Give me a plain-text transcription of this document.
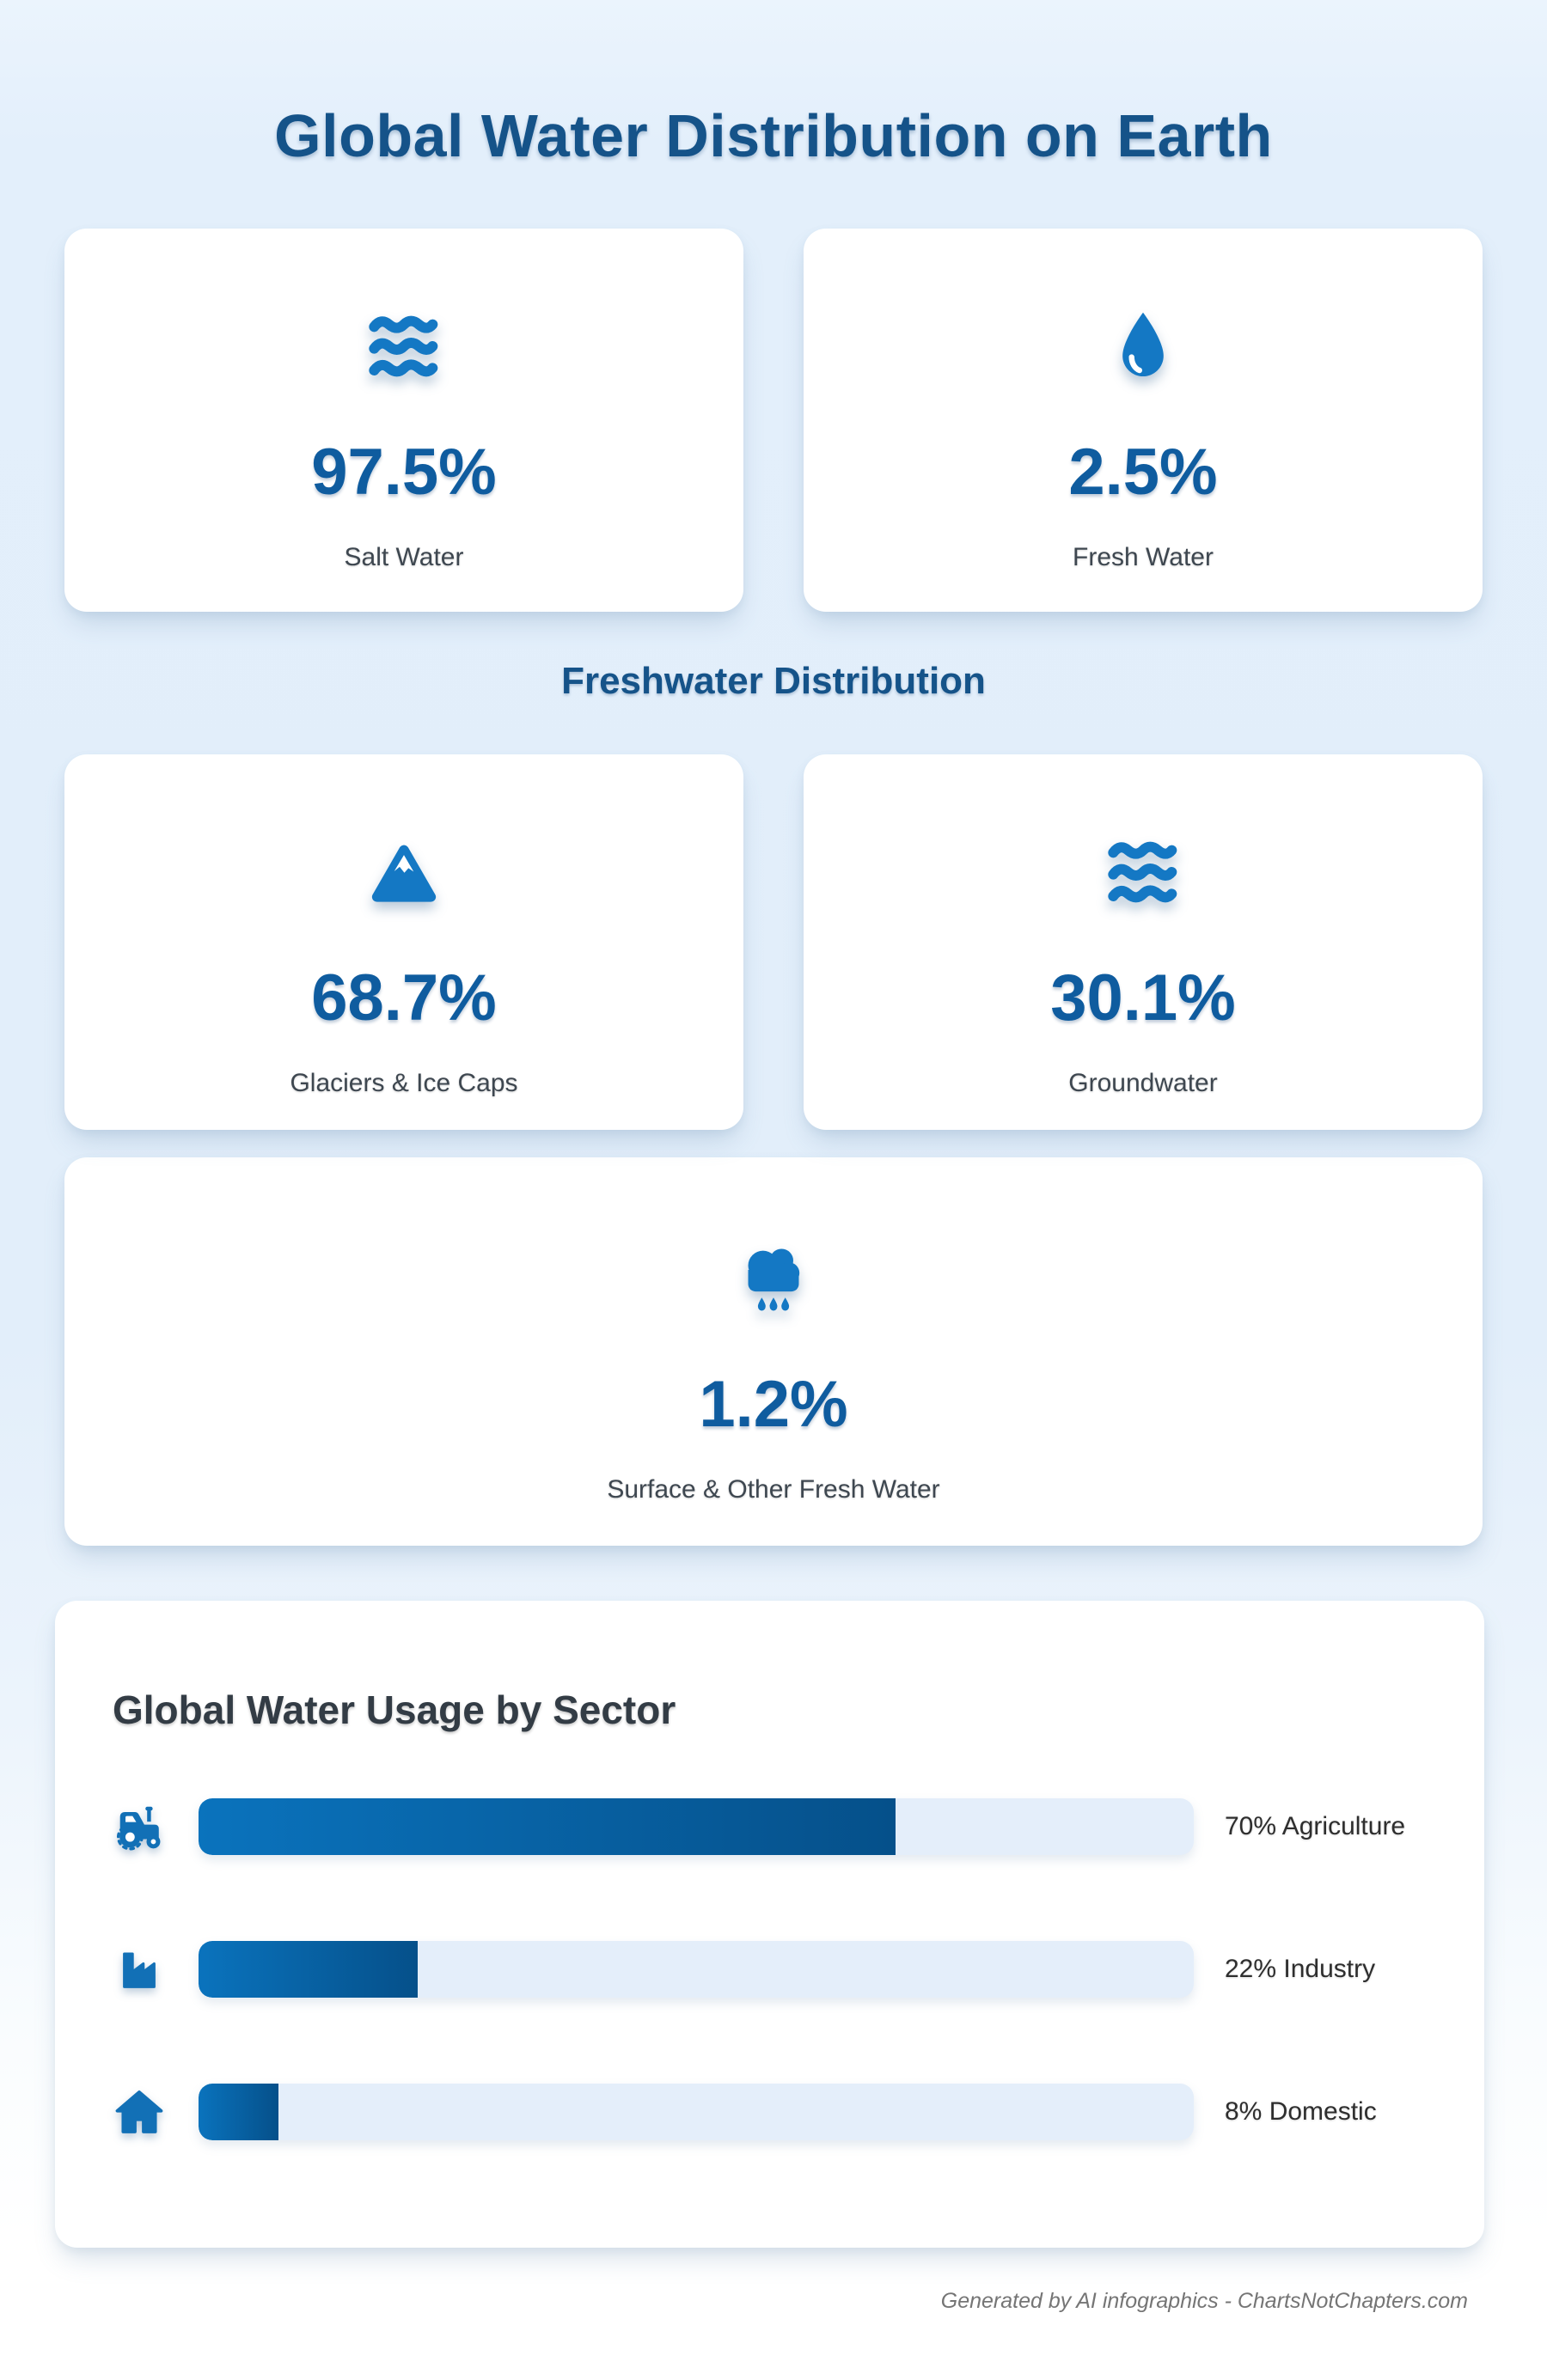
Global Water Distribution on Earth
97.5%
Salt Water
2.5%
Fresh Water
Freshwater Distribution
68.7%
Glaciers & Ice Caps
30.1%
Groundwater
1.2%
Surface & Other Fresh Water
Global Water Usage by Sector
70% Agriculture
22% Industry
8% Domestic
Generated by AI infographics - ChartsNotChapters.com
